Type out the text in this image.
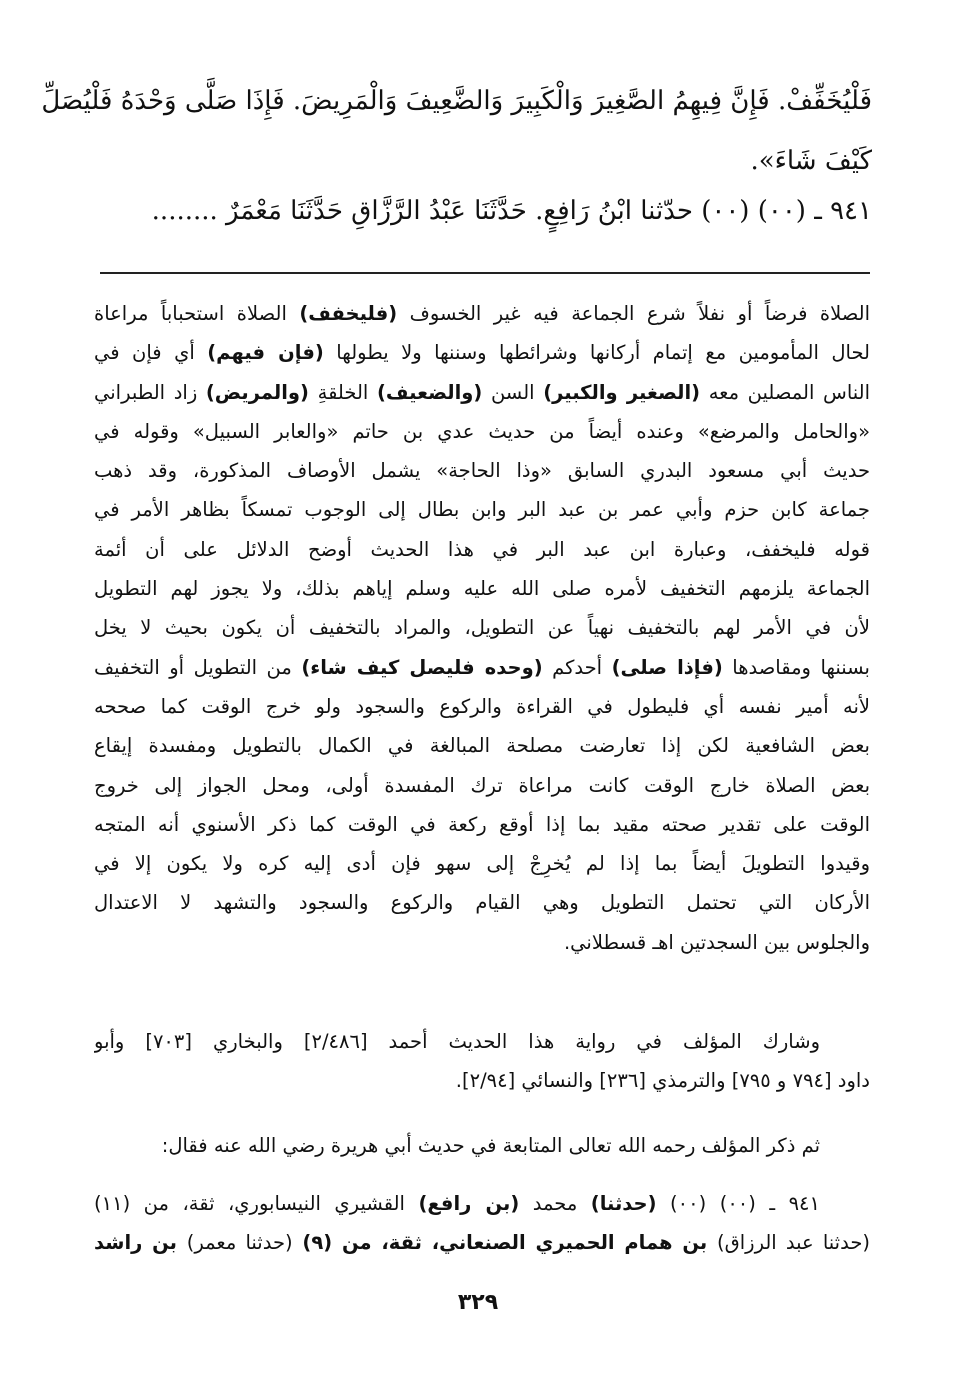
فَلْيُخَفِّفْ. فَإِنَّ فِيهِمُ الصَّغِيرَ وَالْكَبِيرَ وَالضَّعِيفَ وَالْمَرِيضَ. فَإِذَا صَلَّى وَحْدَهُ فَلْيُصَلِّ
كَيْفَ شَاءَ».
٩٤١ ـ (٠٠) (٠٠) حدّثنا ابْنُ رَافِعٍ. حَدَّثَنَا عَبْدُ الرَّزَّاقِ حَدَّثَنَا مَعْمَرٌ ........
الصلاة فرضاً أو نفلاً شرع الجماعة فيه غير الخسوف (فليخفف) الصلاة استحباباً مراعاة
لحال المأمومين مع إتمام أركانها وشرائطها وسننها ولا يطولها (فإن فيهم) أي فإن في
الناس المصلين معه (الصغير والكبير) السن (والضعيف) الخلقةِ (والمريض) زاد الطبراني
«والحامل والمرضع» وعنده أيضاً من حديث عدي بن حاتم «والعابر السبيل» وقوله في
حديث أبي مسعود البدري السابق «وذا الحاجة» يشمل الأوصاف المذكورة، وقد ذهب
جماعة كابن حزم وأبي عمر بن عبد البر وابن بطال إلى الوجوب تمسكاً بظاهر الأمر في
قوله فليخفف، وعبارة ابن عبد البر في هذا الحديث أوضح الدلائل على أن أئمة
الجماعة يلزمهم التخفيف لأمره صلى الله عليه وسلم إياهم بذلك، ولا يجوز لهم التطويل
لأن في الأمر لهم بالتخفيف نهياً عن التطويل، والمراد بالتخفيف أن يكون بحيث لا يخل
بسننها ومقاصدها (فإذا صلى) أحدكم (وحده فليصل كيف شاء) من التطويل أو التخفيف
لأنه أمير نفسه أي فليطول في القراءة والركوع والسجود ولو خرج الوقت كما صححه
بعض الشافعية لكن إذا تعارضت مصلحة المبالغة في الكمال بالتطويل ومفسدة إيقاع
بعض الصلاة خارج الوقت كانت مراعاة ترك المفسدة أولى، ومحل الجواز إلى خروج
الوقت على تقدير صحته مقيد بما إذا أوقع ركعة في الوقت كما ذكر الأسنوي أنه المتجه
وقيدوا التطويلَ أيضاً بما إذا لم يُخرِجْ إلى سهو فإن أدى إليه كره ولا يكون إلا في
الأركان التي تحتمل التطويل وهي القيام والركوع والسجود والتشهد لا الاعتدال
والجلوس بين السجدتين اهـ قسطلاني.
وشارك المؤلف في رواية هذا الحديث أحمد [٢/٤٨٦] والبخاري [٧٠٣] وأبو
داود [٧٩٤ و ٧٩٥] والترمذي [٢٣٦] والنسائي [٢/٩٤].
ثم ذكر المؤلف رحمه الله تعالى المتابعة في حديث أبي هريرة رضي الله عنه فقال:
٩٤١ ـ (٠٠) (٠٠) (حدثنا) محمد (بن رافع) القشيري النيسابوري، ثقة، من (١١)
(حدثنا عبد الرزاق) بن همام الحميري الصنعاني، ثقة، من (٩) (حدثنا معمر) بن راشد
٣٢٩
